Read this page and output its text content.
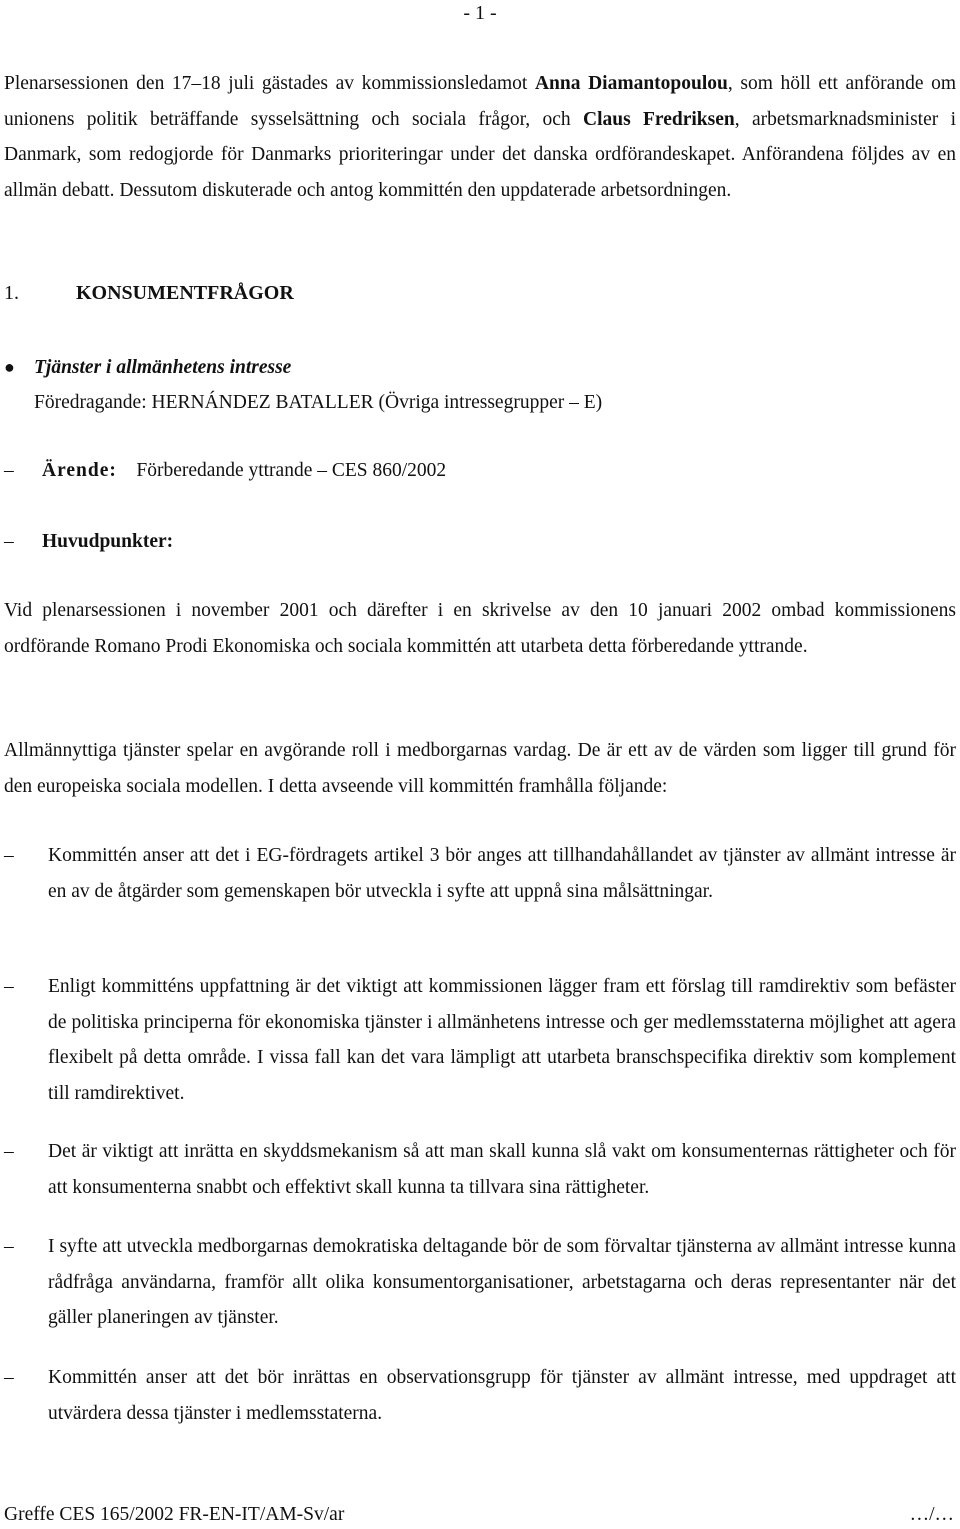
- 1 -

Plenarsessionen den 17–18 juli gästades av kommissionsledamot Anna Diamantopoulou, som höll ett anförande om unionens politik beträffande sysselsättning och sociala frågor, och Claus Fredriksen, arbetsmarknadsminister i Danmark, som redogjorde för Danmarks prioriteringar under det danska ordförandeskapet. Anförandena följdes av en allmän debatt. Dessutom diskuterade och antog kommittén den uppdaterade arbetsordningen.

1.	KONSUMENTFRÅGOR
● Tjänster i allmänhetens intresse
Föredragande: HERNÁNDEZ BATALLER (Övriga intressegrupper – E)
– Ärende: Förberedande yttrande – CES 860/2002
– Huvudpunkter:

Vid plenarsessionen i november 2001 och därefter i en skrivelse av den 10 januari 2002 ombad kommissionens ordförande Romano Prodi Ekonomiska och sociala kommittén att utarbeta detta förberedande yttrande.

Allmännyttiga tjänster spelar en avgörande roll i medborgarnas vardag. De är ett av de värden som ligger till grund för den europeiska sociala modellen. I detta avseende vill kommittén framhålla följande:

–	Kommittén anser att det i EG-fördragets artikel 3 bör anges att tillhandahållandet av tjänster av allmänt intresse är en av de åtgärder som gemenskapen bör utveckla i syfte att uppnå sina målsättningar.
–	Enligt kommitténs uppfattning är det viktigt att kommissionen lägger fram ett förslag till ramdirektiv som befäster de politiska principerna för ekonomiska tjänster i allmänhetens intresse och ger medlemsstaterna möjlighet att agera flexibelt på detta område. I vissa fall kan det vara lämpligt att utarbeta branschspecifika direktiv som komplement till ramdirektivet.
–	Det är viktigt att inrätta en skyddsmekanism så att man skall kunna slå vakt om konsumenternas rättigheter och för att konsumenterna snabbt och effektivt skall kunna ta tillvara sina rättigheter.
–	I syfte att utveckla medborgarnas demokratiska deltagande bör de som förvaltar tjänsterna av allmänt intresse kunna rådfråga användarna, framför allt olika konsumentorganisationer, arbetstagarna och deras representanter när det gäller planeringen av tjänster.
–	Kommittén anser att det bör inrättas en observationsgrupp för tjänster av allmänt intresse, med uppdraget att utvärdera dessa tjänster i medlemsstaterna.
Greffe CES 165/2002 FR-EN-IT/AM-Sv/ar	…/…
